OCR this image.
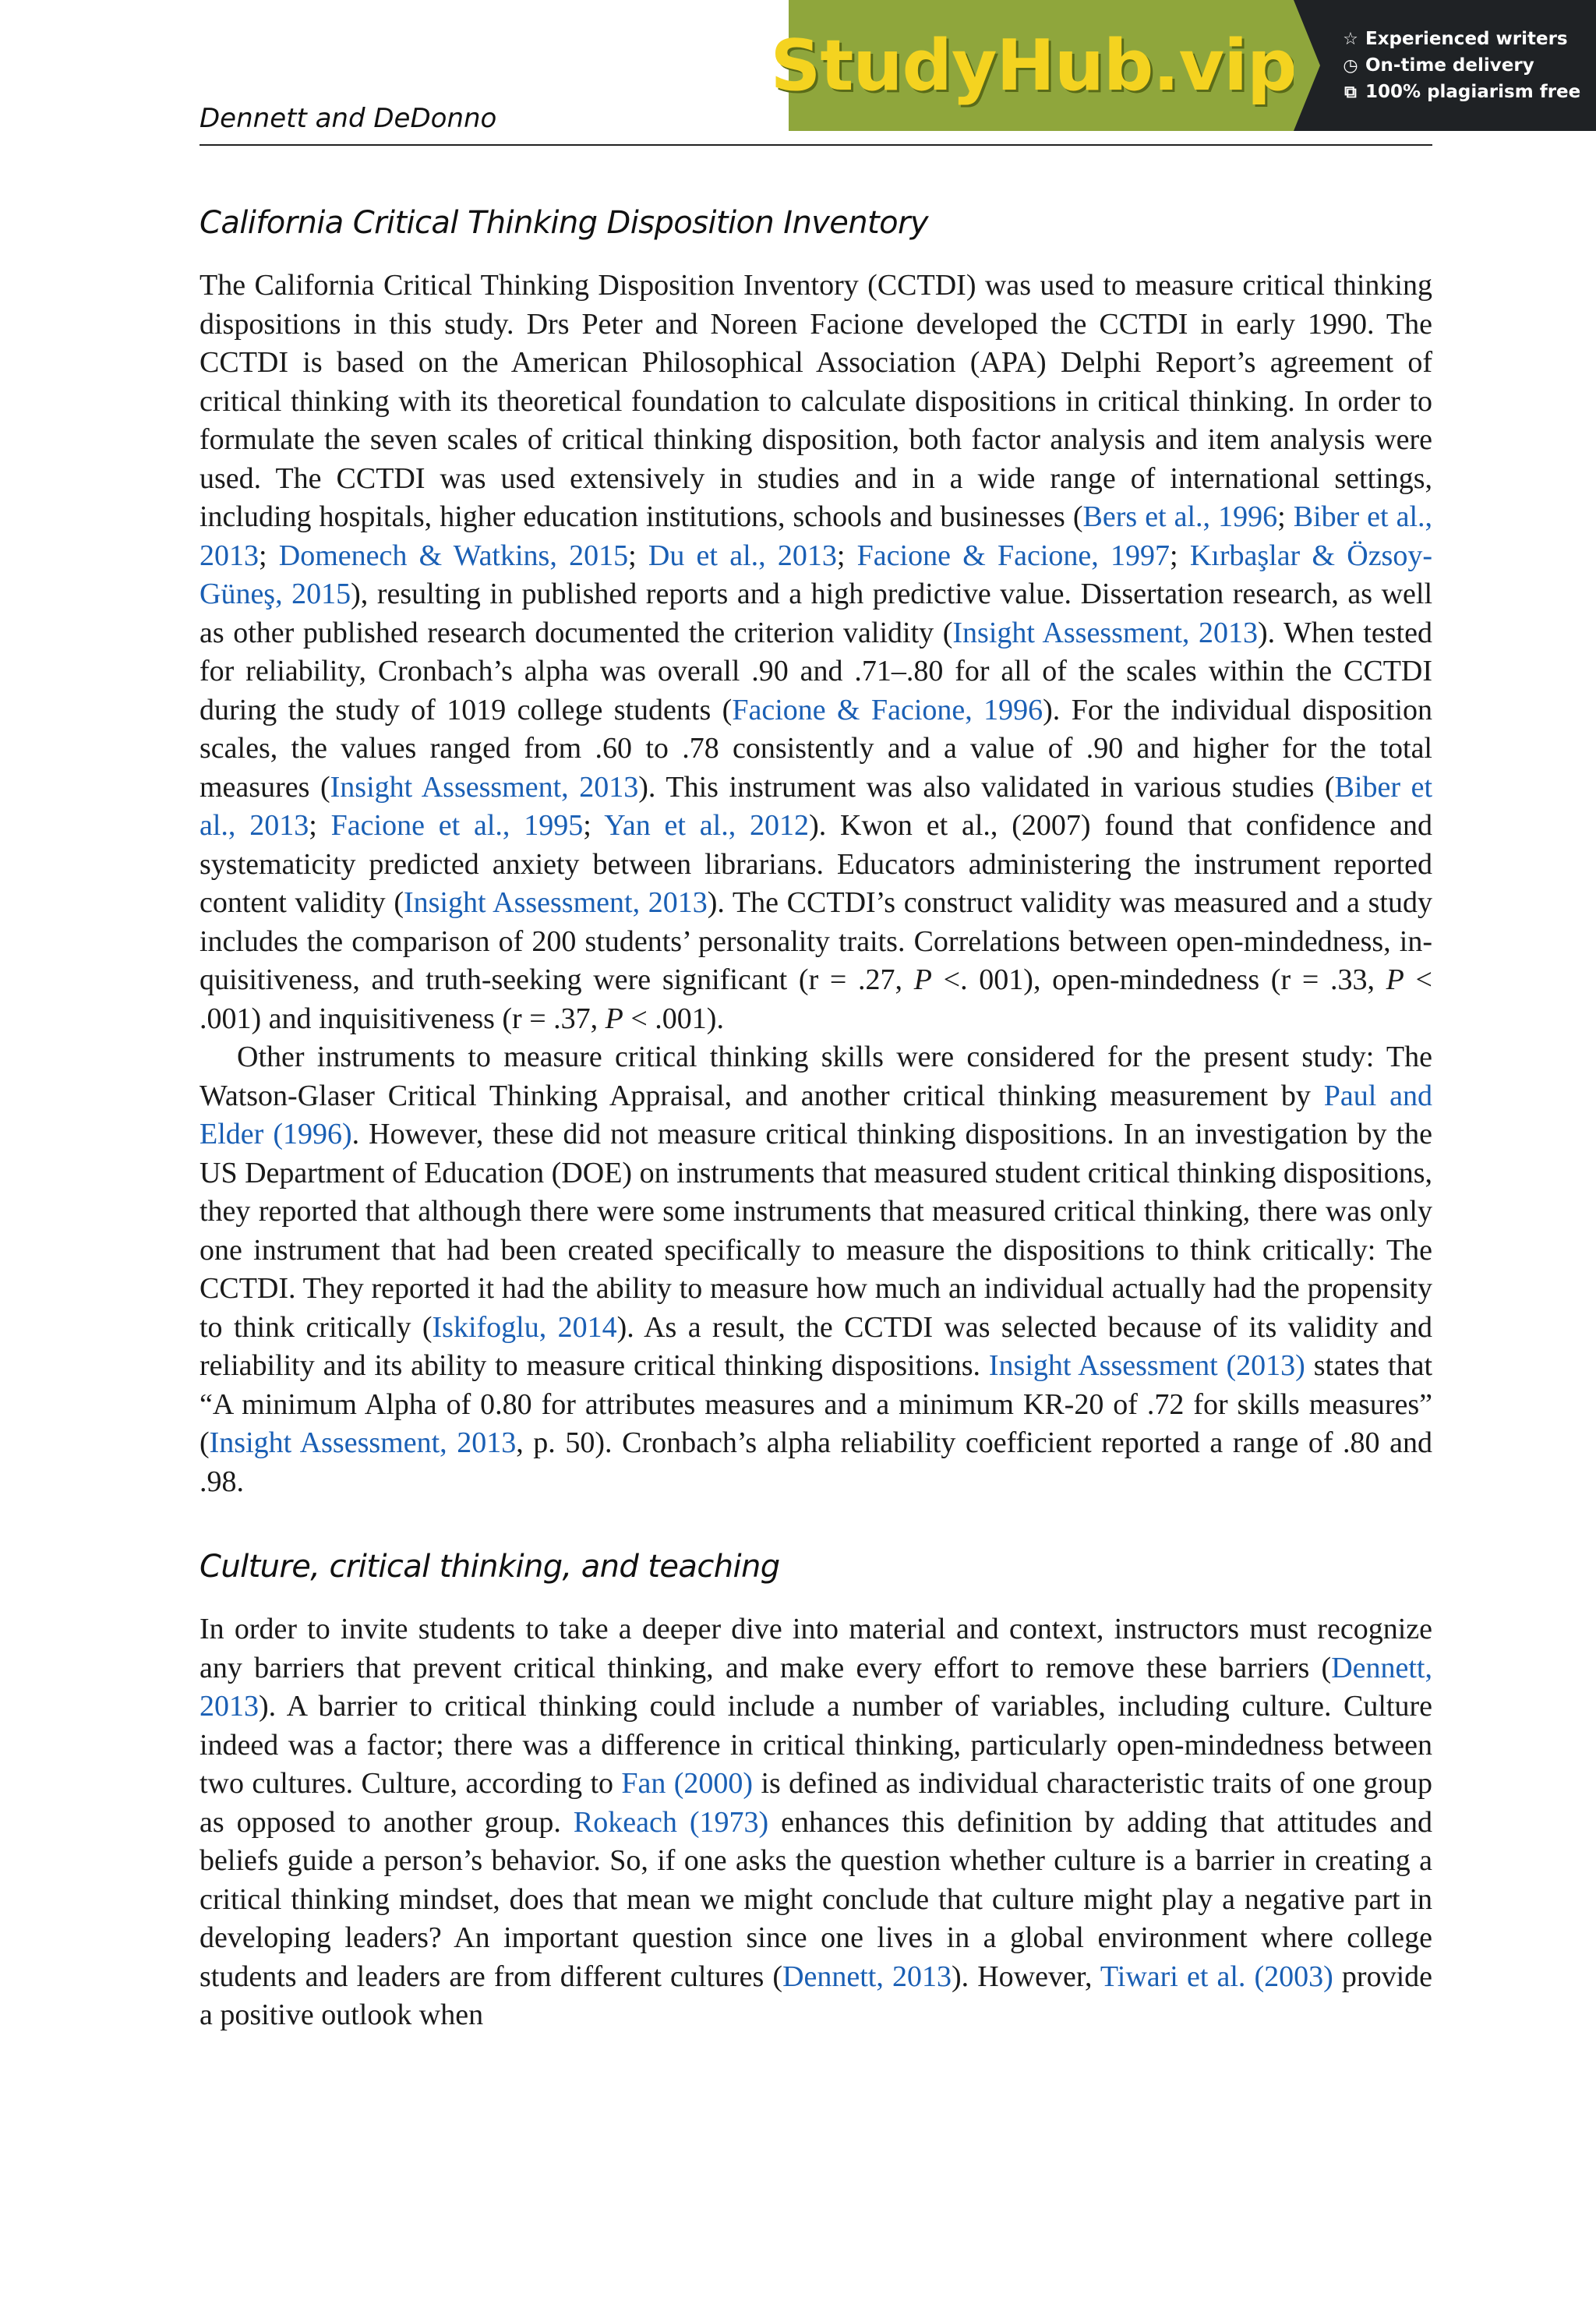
StudyHub.vip	☆ Experienced writers
◷ On-time delivery
⧉ 100% plagiarism free
Dennett and DeDonno
California Critical Thinking Disposition Inventory

The California Critical Thinking Disposition Inventory (CCTDI) was used to measure critical thinking dispositions in this study. Drs Peter and Noreen Facione developed the CCTDI in early 1990. The CCTDI is based on the American Philosophical Association (APA) Delphi Report’s agreement of critical thinking with its theoretical foundation to calculate dispositions in critical thinking. In order to formulate the seven scales of critical thinking disposition, both factor analysis and item analysis were used. The CCTDI was used extensively in studies and in a wide range of international settings, including hospitals, higher education institutions, schools and businesses (Bers et al., 1996; Biber et al., 2013; Domenech & Watkins, 2015; Du et al., 2013; Facione & Facione, 1997; Kırbaşlar & Özsoy-Güneş, 2015), resulting in published reports and a high predictive value. Dissertation research, as well as other published research documented the criterion validity (Insight Assessment, 2013). When tested for reliability, Cronbach’s alpha was overall .90 and .71–.80 for all of the scales within the CCTDI during the study of 1019 college students (Facione & Facione, 1996). For the individual disposition scales, the values ranged from .60 to .78 consistently and a value of .90 and higher for the total measures (Insight Assessment, 2013). This instrument was also validated in various studies (Biber et al., 2013; Facione et al., 1995; Yan et al., 2012). Kwon et al., (2007) found that confidence and systematicity predicted anxiety between librarians. Educators administering the instrument reported content validity (Insight Assessment, 2013). The CCTDI’s construct validity was measured and a study includes the comparison of 200 students’ personality traits. Correlations between open-mindedness, inquisitiveness, and truth-seeking were significant (r = .27, P <. 001), open-mindedness (r = .33, P < .001) and inquisitiveness (r = .37, P < .001).

Other instruments to measure critical thinking skills were considered for the present study: The Watson-Glaser Critical Thinking Appraisal, and another critical thinking measurement by Paul and Elder (1996). However, these did not measure critical thinking dispositions. In an investigation by the US Department of Education (DOE) on instruments that measured student critical thinking dispositions, they reported that although there were some instruments that measured critical thinking, there was only one instrument that had been created specifically to measure the dispositions to think critically: The CCTDI. They reported it had the ability to measure how much an individual actually had the propensity to think critically (Iskifoglu, 2014). As a result, the CCTDI was selected because of its validity and reliability and its ability to measure critical thinking dispositions. Insight Assessment (2013) states that “A minimum Alpha of 0.80 for attributes measures and a minimum KR-20 of .72 for skills measures” (Insight Assessment, 2013, p. 50). Cronbach’s alpha reliability coefficient reported a range of .80 and .98.

Culture, critical thinking, and teaching

In order to invite students to take a deeper dive into material and context, instructors must recognize any barriers that prevent critical thinking, and make every effort to remove these barriers (Dennett, 2013). A barrier to critical thinking could include a number of variables, including culture. Culture indeed was a factor; there was a difference in critical thinking, particularly open-mindedness between two cultures. Culture, according to Fan (2000) is defined as individual characteristic traits of one group as opposed to another group. Rokeach (1973) enhances this definition by adding that attitudes and beliefs guide a person’s behavior. So, if one asks the question whether culture is a barrier in creating a critical thinking mindset, does that mean we might conclude that culture might play a negative part in developing leaders? An important question since one lives in a global environment where college students and leaders are from different cultures (Dennett, 2013). However, Tiwari et al. (2003) provide a positive outlook when
